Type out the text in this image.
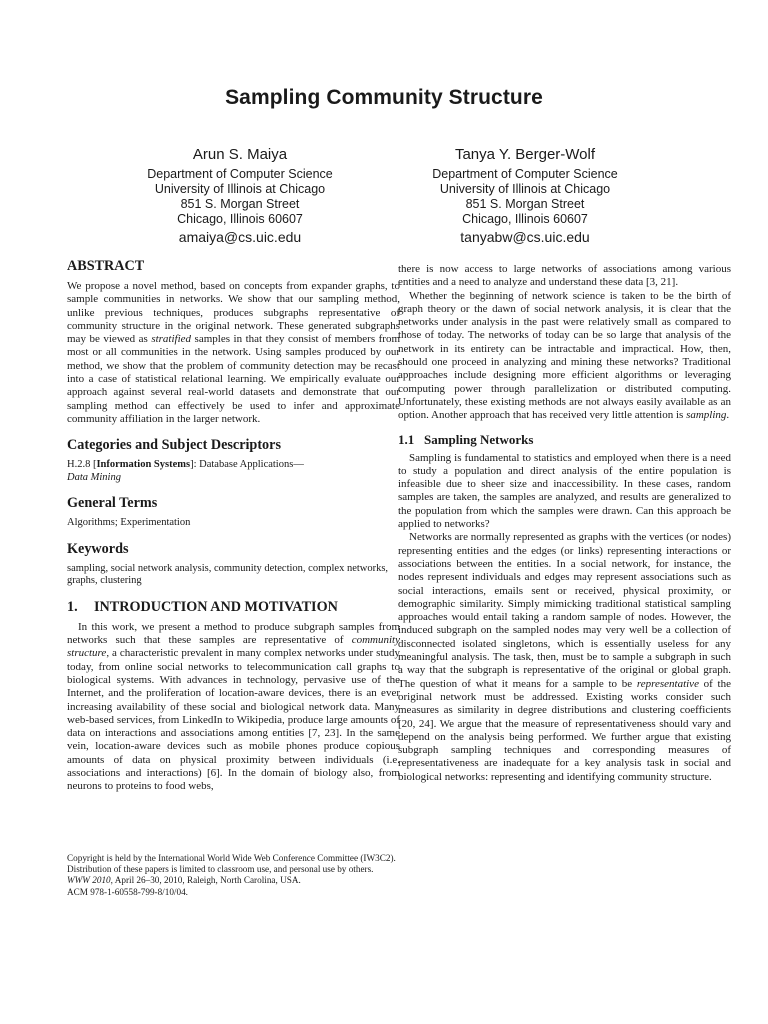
Sampling Community Structure
Arun S. Maiya
Department of Computer Science
University of Illinois at Chicago
851 S. Morgan Street
Chicago, Illinois 60607
amaiya@cs.uic.edu
Tanya Y. Berger-Wolf
Department of Computer Science
University of Illinois at Chicago
851 S. Morgan Street
Chicago, Illinois 60607
tanyabw@cs.uic.edu
ABSTRACT

We propose a novel method, based on concepts from expander graphs, to sample communities in networks. We show that our sampling method, unlike previous techniques, produces subgraphs representative of community structure in the original network. These generated subgraphs may be viewed as stratified samples in that they consist of members from most or all communities in the network. Using samples produced by our method, we show that the problem of community detection may be recast into a case of statistical relational learning. We empirically evaluate our approach against several real-world datasets and demonstrate that our sampling method can effectively be used to infer and approximate community affiliation in the larger network.

Categories and Subject Descriptors

H.2.8 [Information Systems]: Database Applications—
Data Mining

General Terms

Algorithms; Experimentation

Keywords

sampling, social network analysis, community detection, complex networks, graphs, clustering

1. INTRODUCTION AND MOTIVATION

In this work, we present a method to produce subgraph samples from networks such that these samples are representative of community structure, a characteristic prevalent in many complex networks under study today, from online social networks to telecommunication call graphs to biological systems. With advances in technology, pervasive use of the Internet, and the proliferation of location-aware devices, there is an ever increasing availability of these social and biological network data. Many web-based services, from LinkedIn to Wikipedia, produce large amounts of data on interactions and associations among entities [7, 23]. In the same vein, location-aware devices such as mobile phones produce copious amounts of data on physical proximity between individuals (i.e. associations and interactions) [6]. In the domain of biology also, from neurons to proteins to food webs,

Copyright is held by the International World Wide Web Conference Committee (IW3C2). Distribution of these papers is limited to classroom use, and personal use by others.

WWW 2010, April 26–30, 2010, Raleigh, North Carolina, USA.

ACM 978-1-60558-799-8/10/04.

there is now access to large networks of associations among various entities and a need to analyze and understand these data [3, 21].

Whether the beginning of network science is taken to be the birth of graph theory or the dawn of social network analysis, it is clear that the networks under analysis in the past were relatively small as compared to those of today. The networks of today can be so large that analysis of the network in its entirety can be intractable and impractical. How, then, should one proceed in analyzing and mining these networks? Traditional approaches include designing more efficient algorithms or leveraging computing power through parallelization or distributed computing. Unfortunately, these existing methods are not always easily available as an option. Another approach that has received very little attention is sampling.

1.1 Sampling Networks

Sampling is fundamental to statistics and employed when there is a need to study a population and direct analysis of the entire population is infeasible due to sheer size and inaccessibility. In these cases, random samples are taken, the samples are analyzed, and results are generalized to the population from which the samples were drawn. Can this approach be applied to networks?

Networks are normally represented as graphs with the vertices (or nodes) representing entities and the edges (or links) representing interactions or associations between the entities. In a social network, for instance, the nodes represent individuals and edges may represent associations such as social interactions, emails sent or received, physical proximity, or demographic similarity. Simply mimicking traditional statistical sampling approaches would entail taking a random sample of nodes. However, the induced subgraph on the sampled nodes may very well be a collection of disconnected isolated singletons, which is essentially useless for any meaningful analysis. The task, then, must be to sample a subgraph in such a way that the subgraph is representative of the original or global graph. The question of what it means for a sample to be representative of the original network must be addressed. Existing works consider such measures as similarity in degree distributions and clustering coefficients [20, 24]. We argue that the measure of representativeness should vary and depend on the analysis being performed. We further argue that existing subgraph sampling techniques and corresponding measures of representativeness are inadequate for a key analysis task in social and biological networks: representing and identifying community structure.
